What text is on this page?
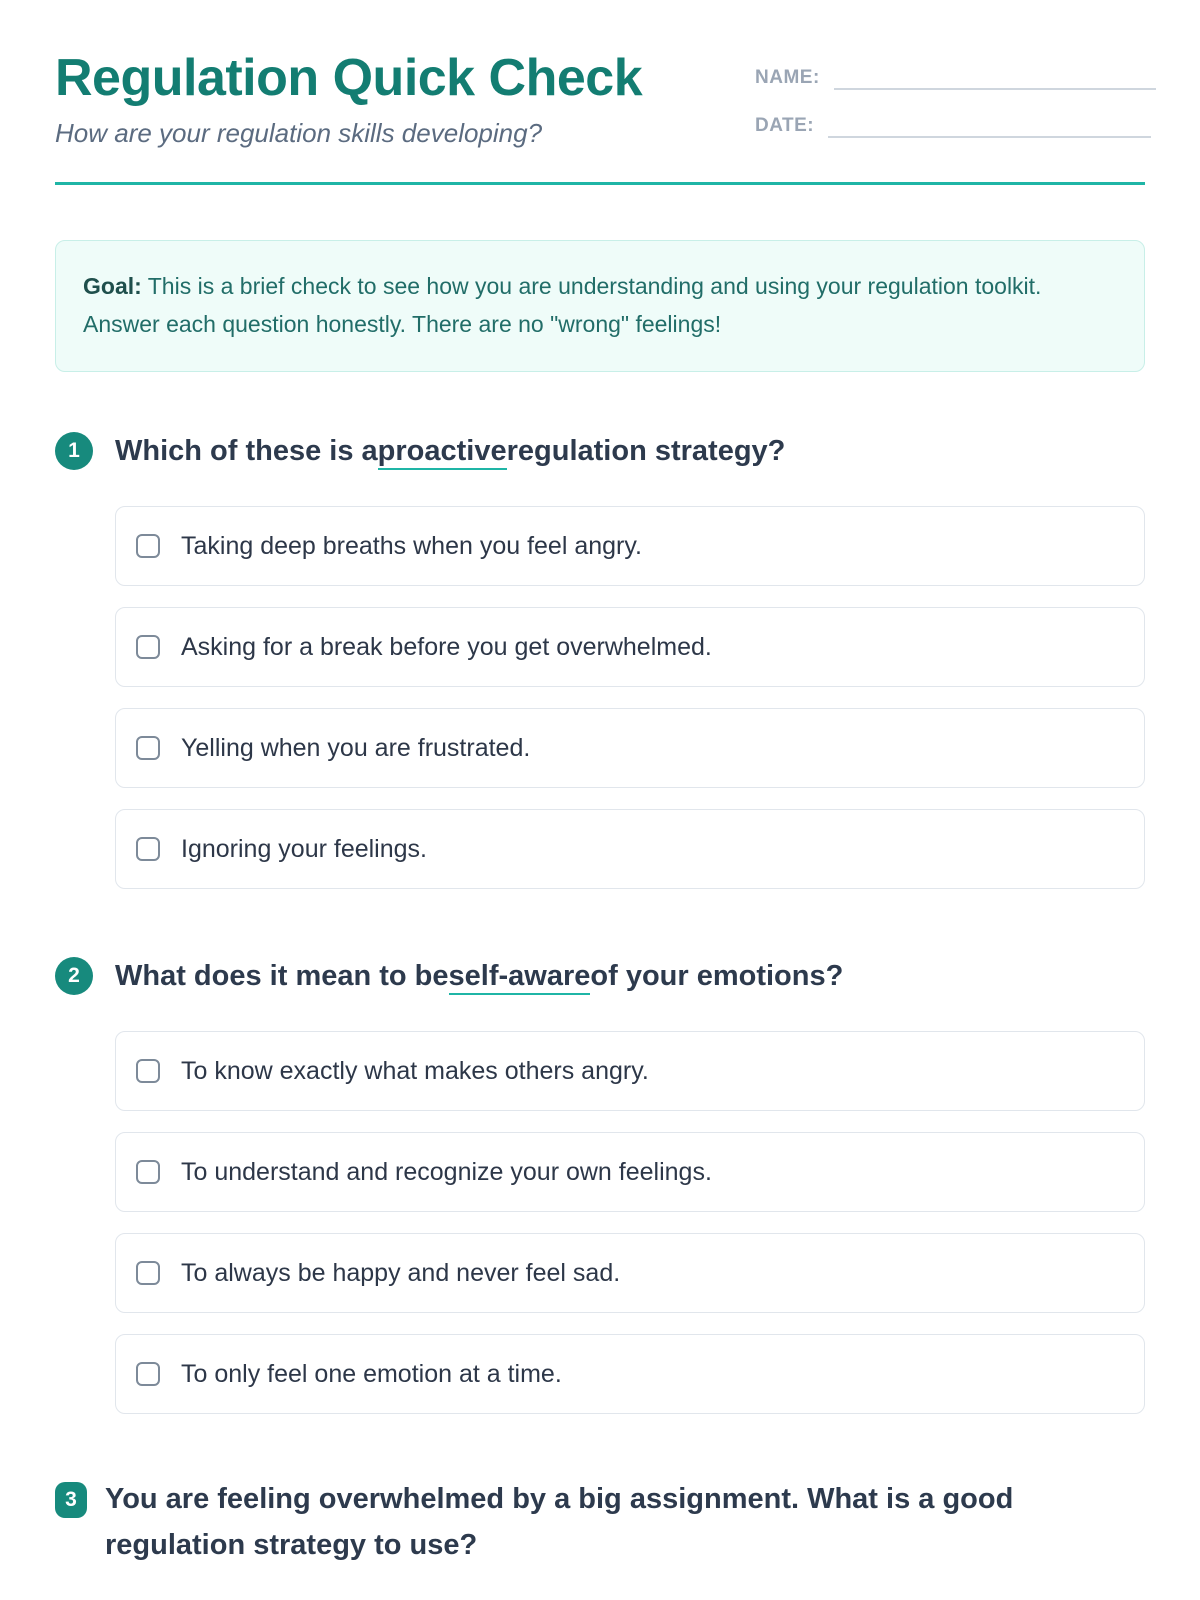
Regulation Quick Check

How are your regulation skills developing?

NAME:
DATE:
Goal: This is a brief check to see how you are understanding and using your regulation toolkit. Answer each question honestly. There are no "wrong" feelings!
1	Which of these is aproactiveregulation strategy?
Taking deep breaths when you feel angry.
Asking for a break before you get overwhelmed.
Yelling when you are frustrated.
Ignoring your feelings.
2	What does it mean to beself-awareof your emotions?
To know exactly what makes others angry.
To understand and recognize your own feelings.
To always be happy and never feel sad.
To only feel one emotion at a time.
3 You are feeling overwhelmed by a big assignment. What is a good regulation strategy to use?
